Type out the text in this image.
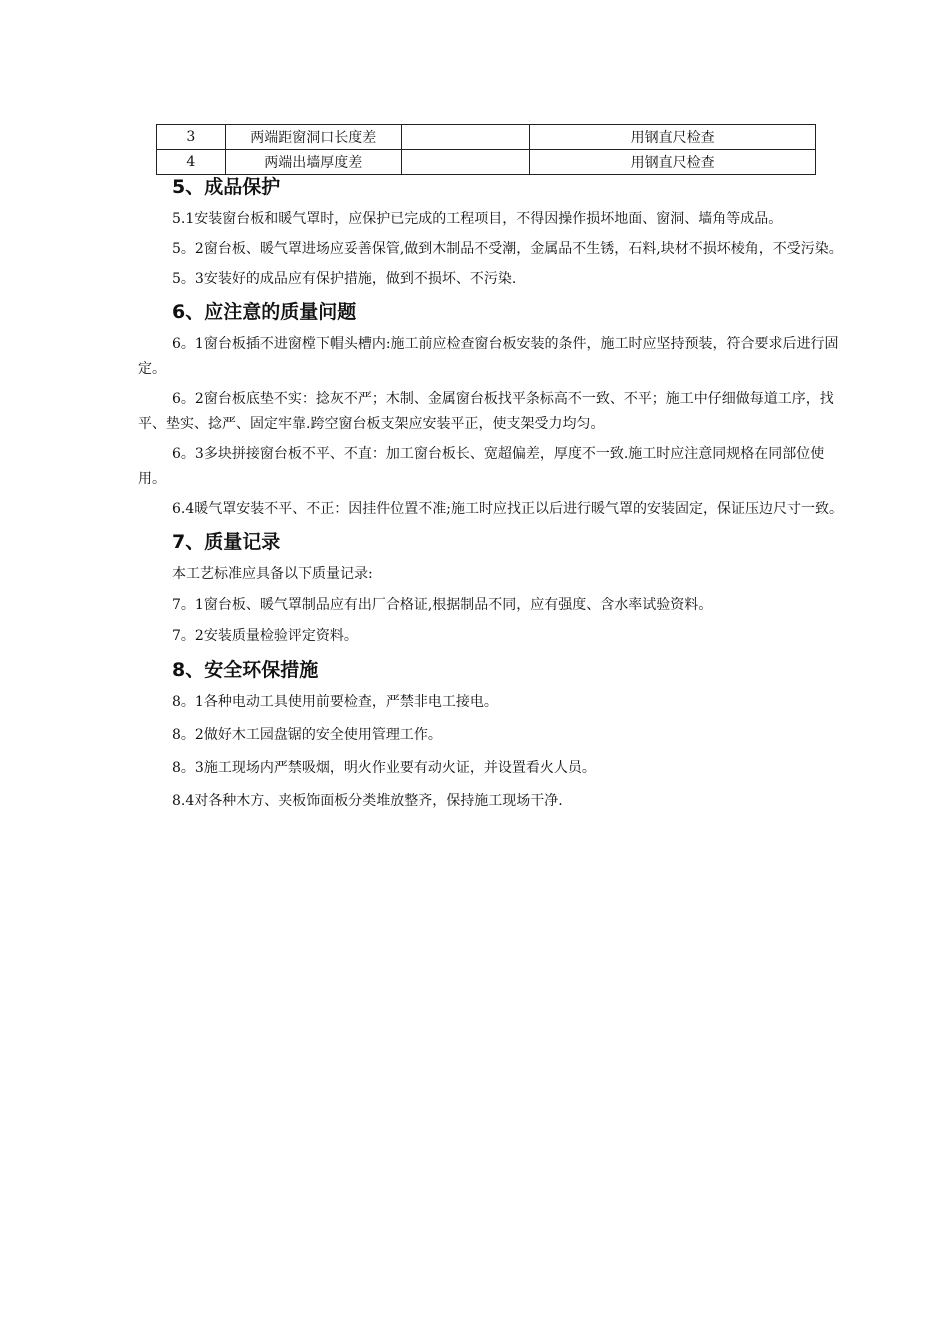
3	两端距窗洞口长度差		用钢直尺检查
4	两端出墙厚度差		用钢直尺检查
5、成品保护

5.1安装窗台板和暖气罩时，应保护已完成的工程项目，不得因操作损坏地面、窗洞、墙角等成品。

5。2窗台板、暖气罩进场应妥善保管,做到木制品不受潮，金属品不生锈，石料,块材不损坏棱角，不受污染。

5。3安装好的成品应有保护措施，做到不损坏、不污染.

6、应注意的质量问题

6。1窗台板插不进窗樘下帽头槽内:施工前应检查窗台板安装的条件，施工时应坚持预装，符合要求后进行固定。

6。2窗台板底垫不实：捻灰不严；木制、金属窗台板找平条标高不一致、不平；施工中仔细做每道工序，找平、垫实、捻严、固定牢靠.跨空窗台板支架应安装平正，使支架受力均匀。

6。3多块拼接窗台板不平、不直：加工窗台板长、宽超偏差，厚度不一致.施工时应注意同规格在同部位使用。

6.4暖气罩安装不平、不正：因挂件位置不准;施工时应找正以后进行暖气罩的安装固定，保证压边尺寸一致。

7、质量记录

本工艺标准应具备以下质量记录:

7。1窗台板、暖气罩制品应有出厂合格证,根据制品不同，应有强度、含水率试验资料。

7。2安装质量检验评定资料。

8、安全环保措施

8。1各种电动工具使用前要检查，严禁非电工接电。

8。2做好木工园盘锯的安全使用管理工作。

8。3施工现场内严禁吸烟，明火作业要有动火证，并设置看火人员。

8.4对各种木方、夹板饰面板分类堆放整齐，保持施工现场干净.
